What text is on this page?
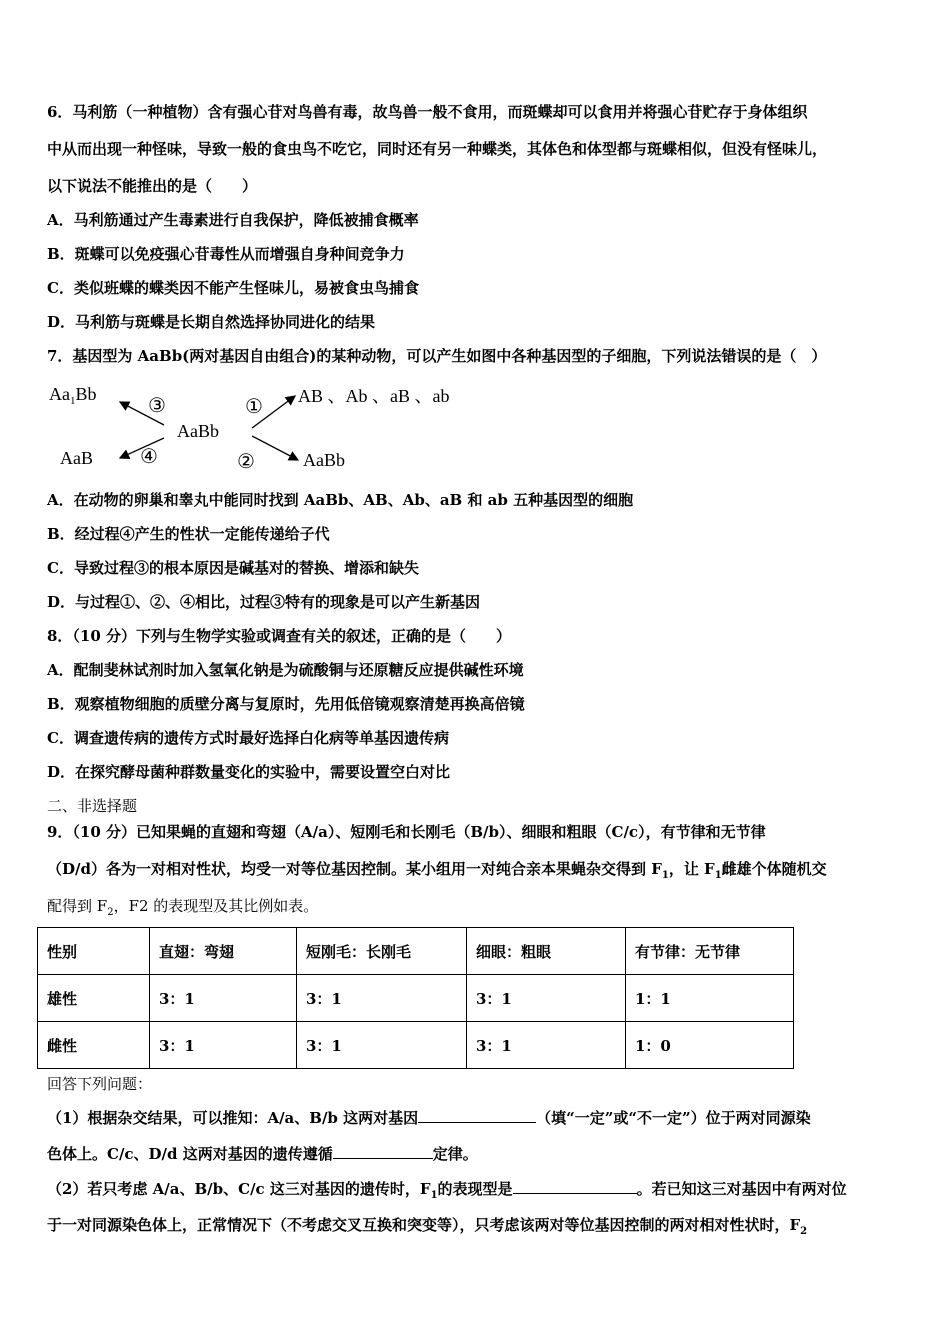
6．马利筋（一种植物）含有强心苷对鸟兽有毒，故鸟兽一般不食用，而斑蝶却可以食用并将强心苷贮存于身体组织
中从而出现一种怪味，导致一般的食虫鸟不吃它，同时还有另一种蝶类，其体色和体型都与斑蝶相似，但没有怪味儿，
以下说法不能推出的是（　　）
A．马利筋通过产生毒素进行自我保护，降低被捕食概率
B．斑蝶可以免疫强心苷毒性从而增强自身种间竞争力
C．类似班蝶的蝶类因不能产生怪味儿，易被食虫鸟捕食
D．马利筋与斑蝶是长期自然选择协同进化的结果
7．基因型为 AaBb(两对基因自由组合)的某种动物，可以产生如图中各种基因型的子细胞，下列说法错误的是（　）
$Aa_1Bb$	AB 、Ab 、aB 、ab
AaBb
AaB	AaBb
③	①
④	②
A．在动物的卵巢和睾丸中能同时找到 AaBb、AB、Ab、aB 和 ab 五种基因型的细胞
B．经过程④产生的性状一定能传递给子代
C．导致过程③的根本原因是碱基对的替换、增添和缺失
D．与过程①、②、④相比，过程③特有的现象是可以产生新基因
8．（10 分）下列与生物学实验或调查有关的叙述，正确的是（　　）
A．配制斐林试剂时加入氢氧化钠是为硫酸铜与还原糖反应提供碱性环境
B．观察植物细胞的质壁分离与复原时，先用低倍镜观察清楚再换高倍镜
C．调查遗传病的遗传方式时最好选择白化病等单基因遗传病
D．在探究酵母菌种群数量变化的实验中，需要设置空白对比
二、非选择题
9．（10 分）已知果蝇的直翅和弯翅（A/a）、短刚毛和长刚毛（B/b）、细眼和粗眼（C/c），有节律和无节律
（D/d）各为一对相对性状，均受一对等位基因控制。某小组用一对纯合亲本果蝇杂交得到 $F_1$，让 $F_1$雌雄个体随机交
配得到 $F_2$，F2 的表现型及其比例如表。
性别	直翅：弯翅	短刚毛：长刚毛	细眼：粗眼	有节律：无节律
雄性	3：1	3：1	3：1	1：1
雌性	3：1	3：1	3：1	1：0
回答下列问题：
（1）根据杂交结果，可以推知：A/a、B/b 这两对基因	（填“一定”或“不一定”）位于两对同源染
色体上。C/c、D/d 这两对基因的遗传遵循	定律。
（2）若只考虑 A/a、B/b、C/c 这三对基因的遗传时，$F_1$的表现型是	。若已知这三对基因中有两对位
于一对同源染色体上，正常情况下（不考虑交叉互换和突变等），只考虑该两对等位基因控制的两对相对性状时，$F_2$
